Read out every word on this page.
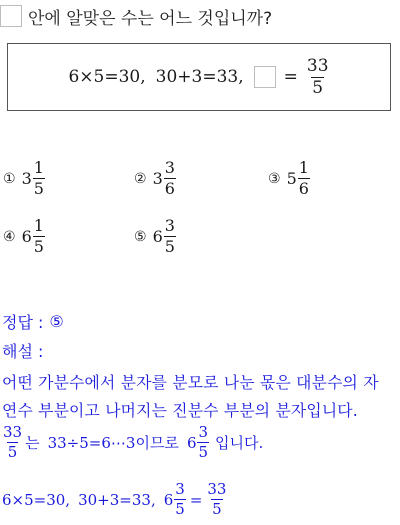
안에 알맞은 수는 어느 것입니까?
6×5=30, 30+3=33, = $\frac{33}{5}$
① $3 \frac{1}{5}$	② $3 \frac{3}{6}$	③ $5 \frac{1}{6}$
④ $6 \frac{1}{5}$	⑤ $6 \frac{3}{5}$
정답 : ⑤
해설 :
어떤 가분수에서 분자를 분모로 나눈 몫은 대분수의 자
연수 부분이고 나머지는 진분수 부분의 분자입니다.
$\frac{33}{5}$ 는 33÷5=6⋯3 이므로 $6 \frac{3}{5}$ 입니다.
6×5=30, 30+3=33, $6 \frac{3}{5} = \frac{33}{5}$
